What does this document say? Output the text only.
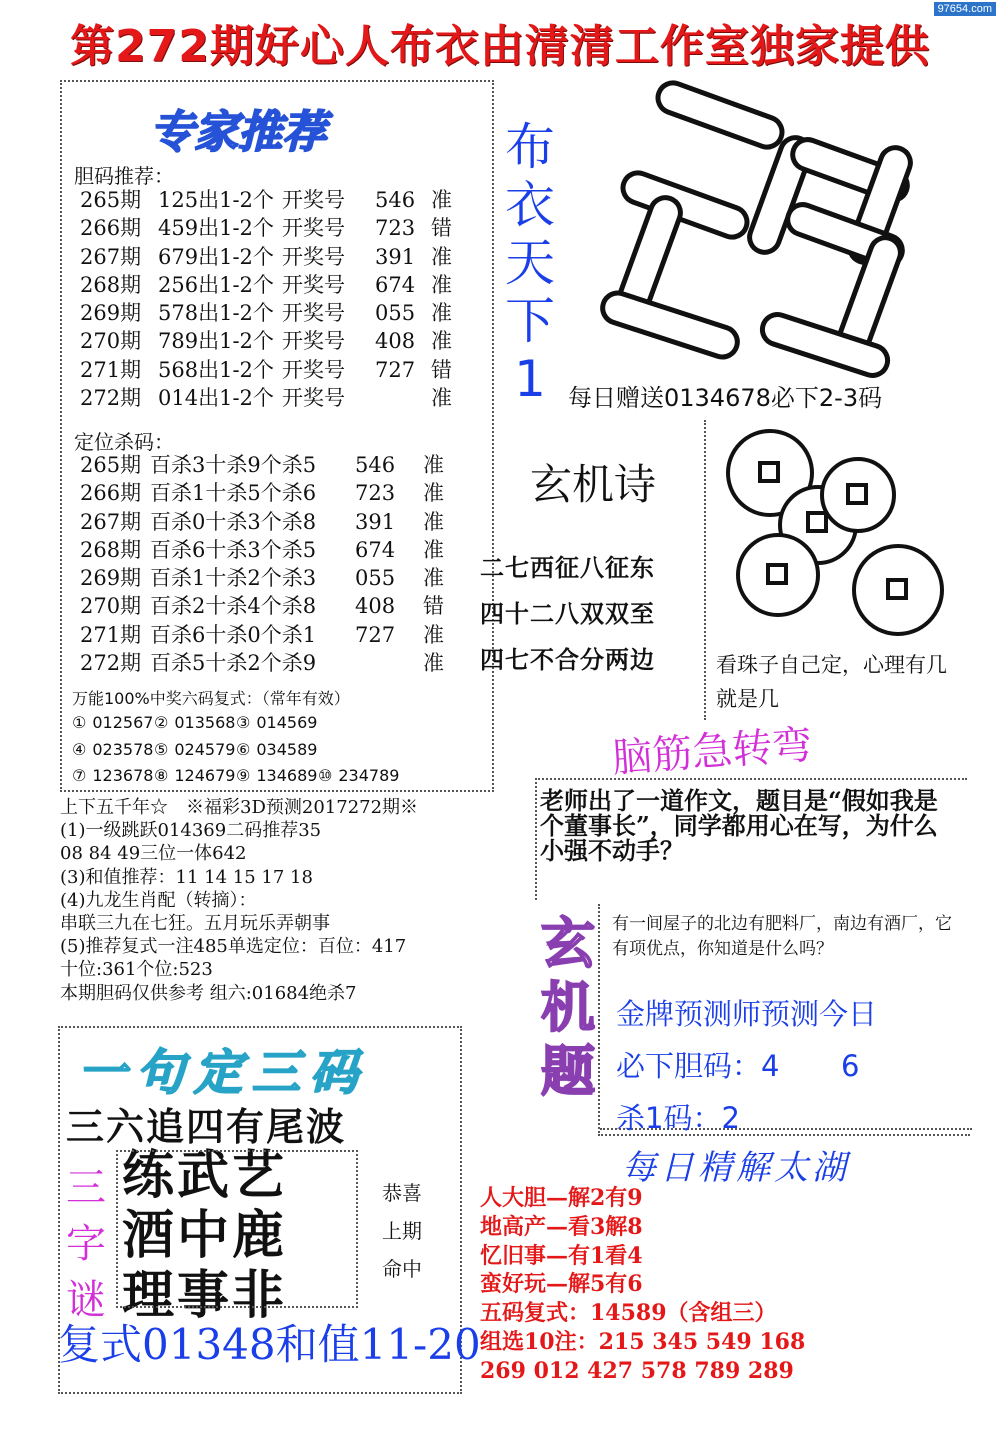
97654.com
第272期好心人布衣由清清工作室独家提供
专家推荐
胆码推荐：
265期 125出1-2个 开奖号	546 准
266期 459出1-2个 开奖号	723 错
267期 679出1-2个 开奖号	391 准
268期 256出1-2个 开奖号	674 准
269期 578出1-2个 开奖号	055 准
270期 789出1-2个 开奖号	408 准
271期 568出1-2个 开奖号	727 错
272期 014出1-2个 开奖号	准
定位杀码：
265期 百杀3十杀9个杀5	546	准
266期 百杀1十杀5个杀6	723	准
267期 百杀0十杀3个杀8	391	准
268期 百杀6十杀3个杀5	674	准
269期 百杀1十杀2个杀3	055	准
270期 百杀2十杀4个杀8	408	错
271期 百杀6十杀0个杀1	727	准
272期 百杀5十杀2个杀9	准
万能100%中奖六码复式：（常年有效）
① 012567② 013568③ 014569
④ 023578⑤ 024579⑥ 034589
⑦ 123678⑧ 124679⑨ 134689⑩ 234789
上下五千年☆　※福彩3D预测2017272期※
(1)一级跳跃014369二码推荐35
08 84 49三位一体642
(3)和值推荐：11 14 15 17 18
(4)九龙生肖配（转摘）：
串联三九在七狂。五月玩乐弄朝事
(5)推荐复式一注485单选定位：百位：417
十位:361个位:523
本期胆码仅供参考 组六:01684绝杀7
布
衣
天
下
1 每日赠送0134678必下2-3码
玄机诗
二七西征八征东
四十二八双双至
四七不合分两边	看珠子自己定，心理有几就是几
脑筋急转弯
老师出了一道作文，题目是“假如我是个董事长”，同学都用心在写，为什么小强不动手？
玄
机
题
有一间屋子的北边有肥料厂，南边有酒厂，它有项优点，你知道是什么吗？
金牌预测师预测今日
必下胆码：4 6
杀1码：2
每日精解太湖
人大胆—解2有9
地高产—看3解8
忆旧事—有1看4
蛮好玩—解5有6
五码复式：14589（含组三）
组选10注：215 345 549 168
269 012 427 578 789 289
一句定三码
三六追四有尾波
三
字
谜
练武艺
酒中鹿
理事非
恭喜
上期
命中
复式01348和值11-20
